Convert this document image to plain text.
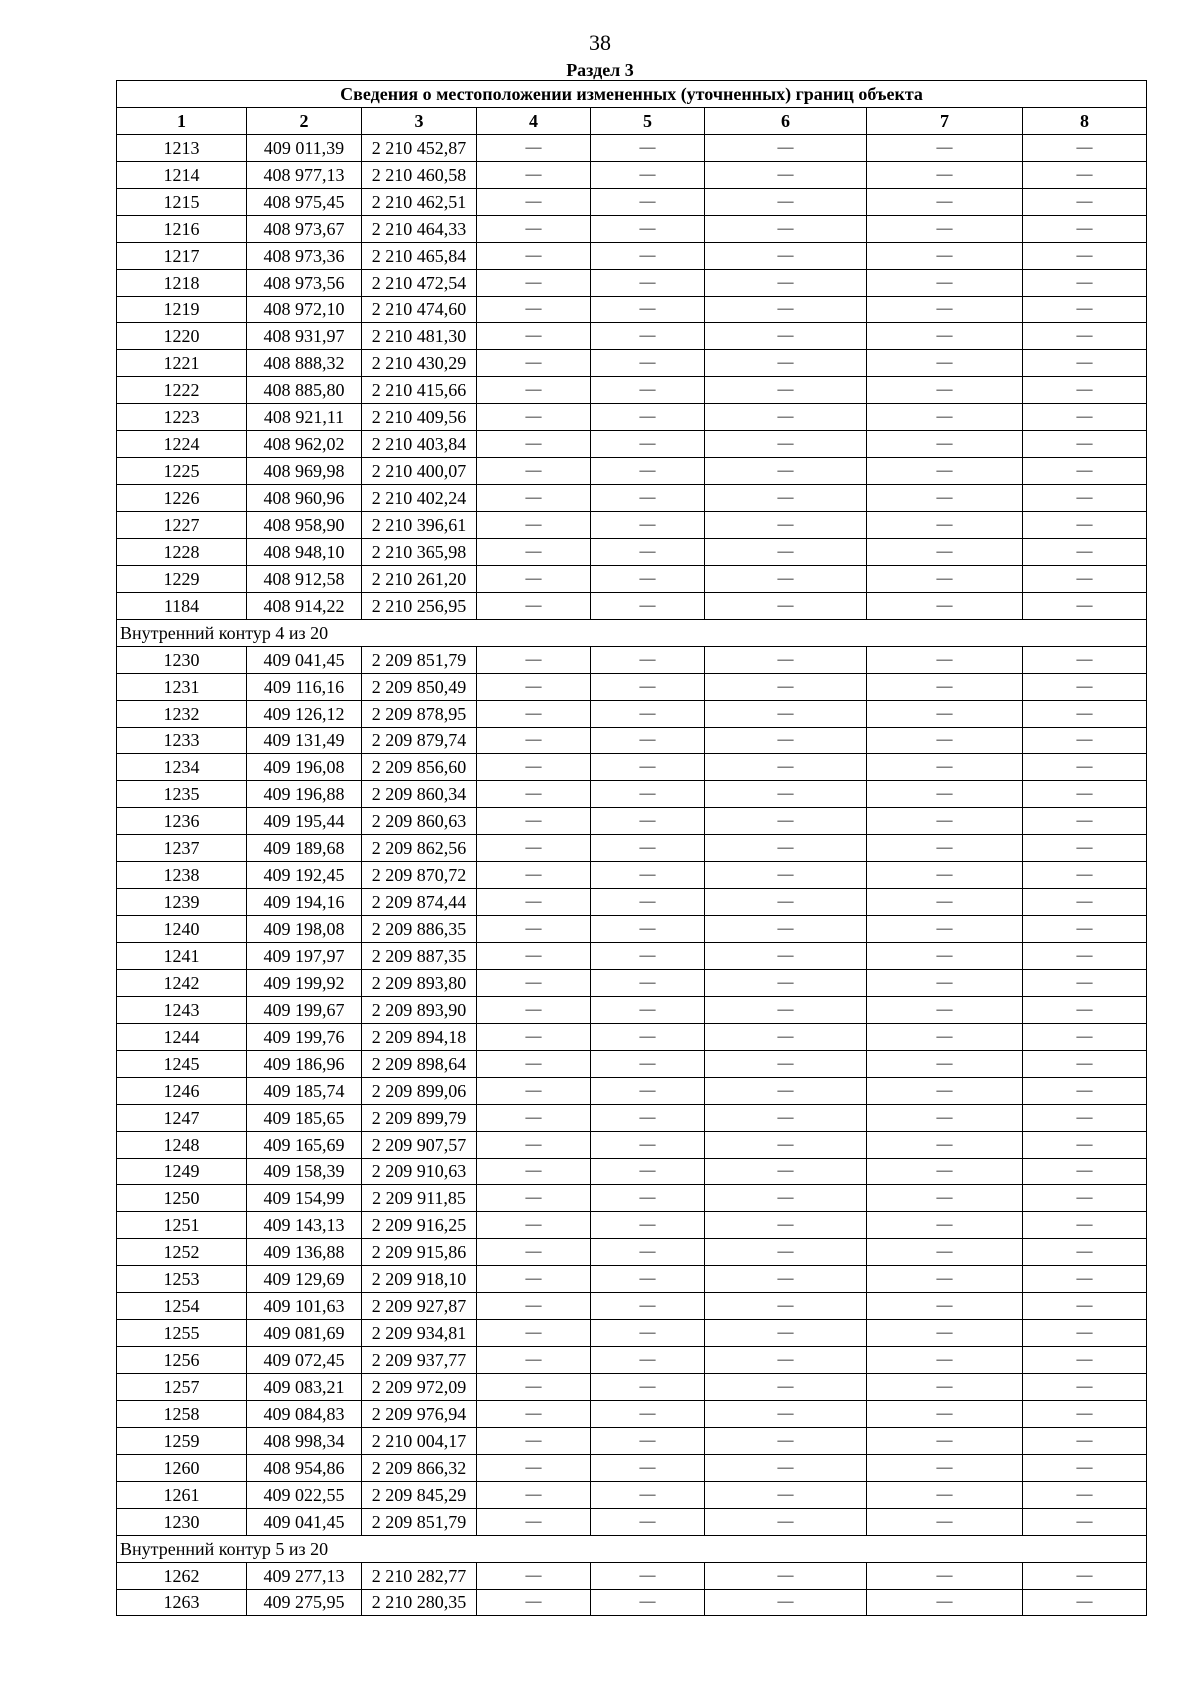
38
Раздел 3
Сведения о местоположении измененных (уточненных) границ объекта							
1	2	3	4	5	6	7	8
1213	409 011,39	2 210 452,87	—	—	—	—	—
1214	408 977,13	2 210 460,58	—	—	—	—	—
1215	408 975,45	2 210 462,51	—	—	—	—	—
1216	408 973,67	2 210 464,33	—	—	—	—	—
1217	408 973,36	2 210 465,84	—	—	—	—	—
1218	408 973,56	2 210 472,54	—	—	—	—	—
1219	408 972,10	2 210 474,60	—	—	—	—	—
1220	408 931,97	2 210 481,30	—	—	—	—	—
1221	408 888,32	2 210 430,29	—	—	—	—	—
1222	408 885,80	2 210 415,66	—	—	—	—	—
1223	408 921,11	2 210 409,56	—	—	—	—	—
1224	408 962,02	2 210 403,84	—	—	—	—	—
1225	408 969,98	2 210 400,07	—	—	—	—	—
1226	408 960,96	2 210 402,24	—	—	—	—	—
1227	408 958,90	2 210 396,61	—	—	—	—	—
1228	408 948,10	2 210 365,98	—	—	—	—	—
1229	408 912,58	2 210 261,20	—	—	—	—	—
1184	408 914,22	2 210 256,95	—	—	—	—	—
Внутренний контур 4 из 20							
1230	409 041,45	2 209 851,79	—	—	—	—	—
1231	409 116,16	2 209 850,49	—	—	—	—	—
1232	409 126,12	2 209 878,95	—	—	—	—	—
1233	409 131,49	2 209 879,74	—	—	—	—	—
1234	409 196,08	2 209 856,60	—	—	—	—	—
1235	409 196,88	2 209 860,34	—	—	—	—	—
1236	409 195,44	2 209 860,63	—	—	—	—	—
1237	409 189,68	2 209 862,56	—	—	—	—	—
1238	409 192,45	2 209 870,72	—	—	—	—	—
1239	409 194,16	2 209 874,44	—	—	—	—	—
1240	409 198,08	2 209 886,35	—	—	—	—	—
1241	409 197,97	2 209 887,35	—	—	—	—	—
1242	409 199,92	2 209 893,80	—	—	—	—	—
1243	409 199,67	2 209 893,90	—	—	—	—	—
1244	409 199,76	2 209 894,18	—	—	—	—	—
1245	409 186,96	2 209 898,64	—	—	—	—	—
1246	409 185,74	2 209 899,06	—	—	—	—	—
1247	409 185,65	2 209 899,79	—	—	—	—	—
1248	409 165,69	2 209 907,57	—	—	—	—	—
1249	409 158,39	2 209 910,63	—	—	—	—	—
1250	409 154,99	2 209 911,85	—	—	—	—	—
1251	409 143,13	2 209 916,25	—	—	—	—	—
1252	409 136,88	2 209 915,86	—	—	—	—	—
1253	409 129,69	2 209 918,10	—	—	—	—	—
1254	409 101,63	2 209 927,87	—	—	—	—	—
1255	409 081,69	2 209 934,81	—	—	—	—	—
1256	409 072,45	2 209 937,77	—	—	—	—	—
1257	409 083,21	2 209 972,09	—	—	—	—	—
1258	409 084,83	2 209 976,94	—	—	—	—	—
1259	408 998,34	2 210 004,17	—	—	—	—	—
1260	408 954,86	2 209 866,32	—	—	—	—	—
1261	409 022,55	2 209 845,29	—	—	—	—	—
1230	409 041,45	2 209 851,79	—	—	—	—	—
Внутренний контур 5 из 20							
1262	409 277,13	2 210 282,77	—	—	—	—	—
1263	409 275,95	2 210 280,35	—	—	—	—	—
